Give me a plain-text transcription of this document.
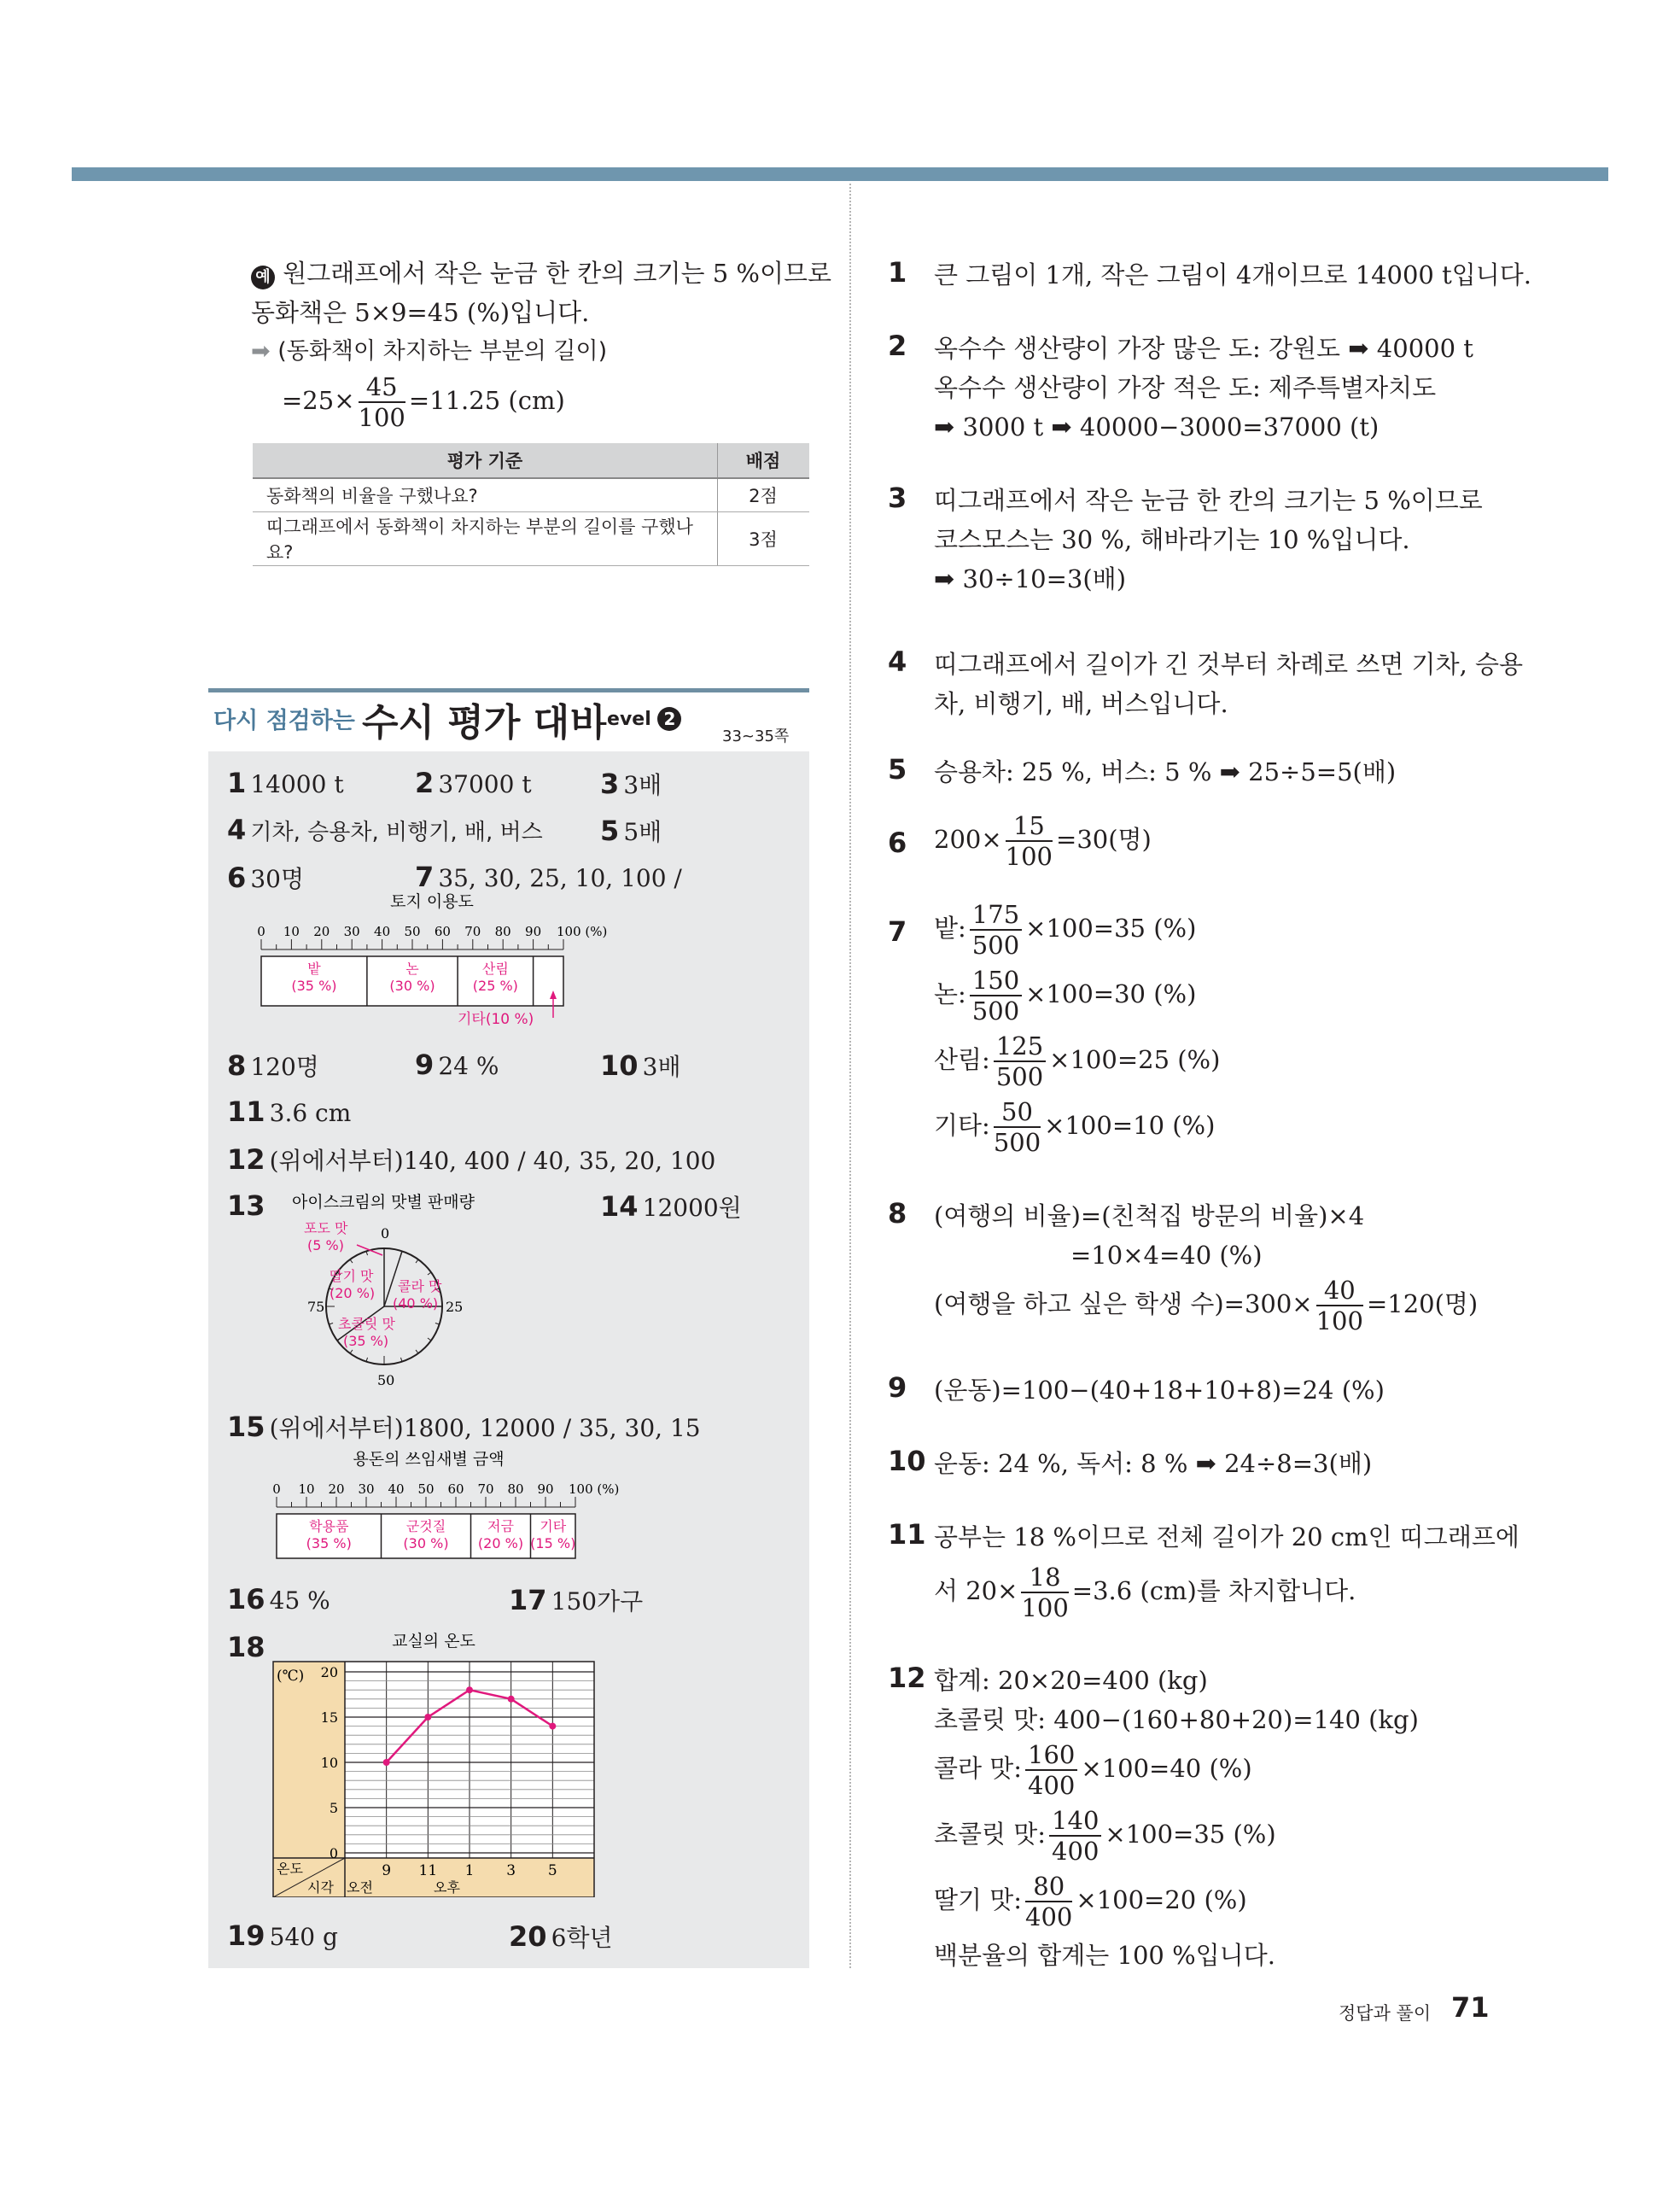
예 원그래프에서 작은 눈금 한 칸의 크기는 5 %이므로
동화책은 5×9=45 (%)입니다.
➡ (동화책이 차지하는 부분의 길이)
$=25\times \frac{45}{100} =11.25$ (cm)
평가 기준	배점
동화책의 비율을 구했나요?	2점
띠그래프에서 동화책이 차지하는 부분의 길이를 구했나요?	3점
다시 점검하는 수시 평가 대비
Level 2
33~35쪽
1 14000 t	2 37000 t	3 3배
4 기차, 승용차, 비행기, 배, 버스 5 5배
6 30명	7 35, 30, 25, 10, 100 /
토지 이용도
0 10 20 30 40 50 60 70 80 90 100 (%)
밭
(35 %)
논
(30 %)
산림
(25 %)
기타(10 %)
8 120명	9 24 %	10 3배
11 3.6 cm
12 (위에서부터)140, 400 / 40, 35, 20, 100
13	14 12000원
아이스크림의 맛별 판매량
0
25
50
75
포도 맛
(5 %)
딸기 맛
(20 %) 콜라 맛
(40 %)
초콜릿 맛
(35 %)
15 (위에서부터)1800, 12000 / 35, 30, 15
용돈의 쓰임새별 금액
0 10 20 30 40 50 60 70 80 90 100 (%)
학용품
(35 %)
군것질
(30 %)
저금
(20 %)
기타
(15 %)
16 45 %	17 150가구
18	교실의 온도
(℃)
온도
시각 오전	오후
20
15
10
5
0
9 11 1 3 5
19 540 g	20 6학년
1 큰 그림이 1개, 작은 그림이 4개이므로 14000 t입니다.
2 옥수수 생산량이 가장 많은 도: 강원도 ➡ 40000 t
옥수수 생산량이 가장 적은 도: 제주특별자치도
➡ 3000 t ➡ 40000−3000=37000 (t)
3 띠그래프에서 작은 눈금 한 칸의 크기는 5 %이므로
코스모스는 30 %, 해바라기는 10 %입니다.
➡ 30÷10=3(배)
4 띠그래프에서 길이가 긴 것부터 차례로 쓰면 기차, 승용
차, 비행기, 배, 버스입니다.
5 승용차: 25 %, 버스: 5 % ➡ 25÷5=5(배)
6 $200\times \frac{15}{100} =30$(명)
7 밭: $\frac{175}{500} \times 100=35$ (%)
논: $\frac{150}{500} \times 100=30$ (%)
산림: $\frac{125}{500} \times 100=25$ (%)
기타: $\frac{50}{500} \times 100=10$ (%)
8 (여행의 비율)=(친척집 방문의 비율)×4
=10×4=40 (%)
(여행을 하고 싶은 학생 수)$=300\times \frac{40}{100} =120$(명)
9 (운동)=100−(40+18+10+8)=24 (%)
10 운동: 24 %, 독서: 8 % ➡ 24÷8=3(배)
11 공부는 18 %이므로 전체 길이가 20 cm인 띠그래프에
서 $20\times \frac{18}{100} =3.6$ (cm)를 차지합니다.
12 합계: 20×20=400 (kg)
초콜릿 맛: 400−(160+80+20)=140 (kg)
콜라 맛: $\frac{160}{400} \times 100=40$ (%)
초콜릿 맛: $\frac{140}{400} \times 100=35$ (%)
딸기 맛: $\frac{80}{400} \times 100=20$ (%)
백분율의 합계는 100 %입니다.
정답과 풀이 71
